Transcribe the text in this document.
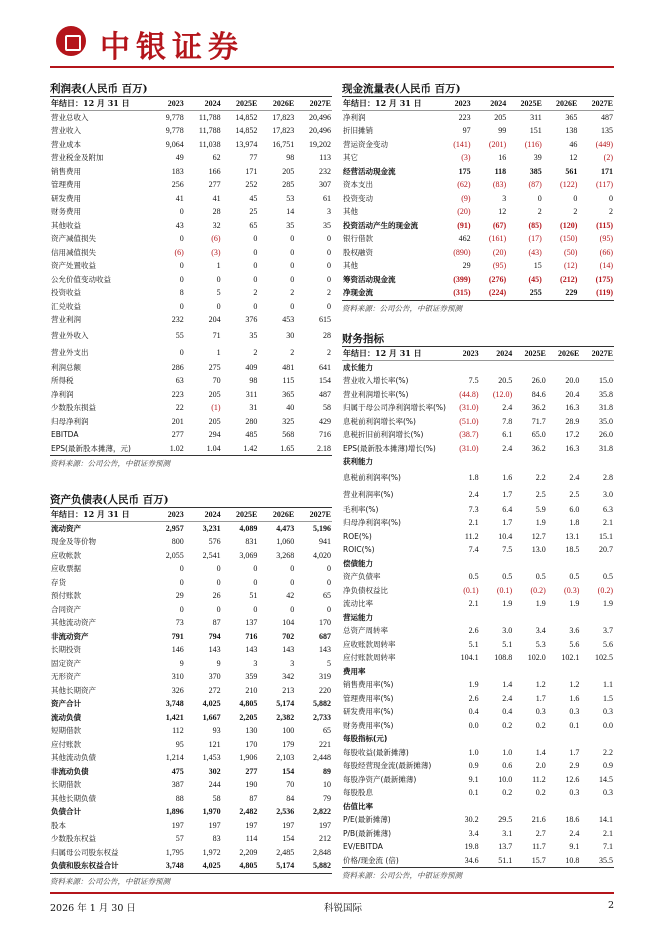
中银证券
利润表(人民币 百万)
年结日：12 月 31 日	2023	2024	2025E	2026E	2027E
营业总收入	9,778	11,788	14,852	17,823	20,496
营业收入	9,778	11,788	14,852	17,823	20,496
营业成本	9,064	11,038	13,974	16,751	19,202
营业税金及附加	49	62	77	98	113
销售费用	183	166	171	205	232
管理费用	256	277	252	285	307
研发费用	41	41	45	53	61
财务费用	0	28	25	14	3
其他收益	43	32	65	35	35
资产减值损失	0	(6)	0	0	0
信用减值损失	(6)	(3)	0	0	0
资产处置收益	0	1	0	0	0
公允价值变动收益	0	0	0	0	0
投资收益	8	5	2	2	2
汇兑收益	0	0	0	0	0
营业利润	232	204	376	453	615
营业外收入	55	71	35	30	28
营业外支出	0	1	2	2	2
利润总额	286	275	409	481	641
所得税	63	70	98	115	154
净利润	223	205	311	365	487
少数股东损益	22	(1)	31	40	58
归母净利润	201	205	280	325	429
EBITDA	277	294	485	568	716
EPS(最新股本摊薄，元)	1.02	1.04	1.42	1.65	2.18
资料来源：公司公告，中银证券预测
资产负债表(人民币 百万)
年结日：12 月 31 日	2023	2024	2025E	2026E	2027E
流动资产	2,957	3,231	4,089	4,473	5,196
现金及等价物	800	576	831	1,060	941
应收帐款	2,055	2,541	3,069	3,268	4,020
应收票据	0	0	0	0	0
存货	0	0	0	0	0
预付账款	29	26	51	42	65
合同资产	0	0	0	0	0
其他流动资产	73	87	137	104	170
非流动资产	791	794	716	702	687
长期投资	146	143	143	143	143
固定资产	9	9	3	3	5
无形资产	310	370	359	342	319
其他长期资产	326	272	210	213	220
资产合计	3,748	4,025	4,805	5,174	5,882
流动负债	1,421	1,667	2,205	2,382	2,733
短期借款	112	93	130	100	65
应付账款	95	121	170	179	221
其他流动负债	1,214	1,453	1,906	2,103	2,448
非流动负债	475	302	277	154	89
长期借款	387	244	190	70	10
其他长期负债	88	58	87	84	79
负债合计	1,896	1,970	2,482	2,536	2,822
股本	197	197	197	197	197
少数股东权益	57	83	114	154	212
归属母公司股东权益	1,795	1,972	2,209	2,485	2,848
负债和股东权益合计	3,748	4,025	4,805	5,174	5,882
资料来源：公司公告，中银证券预测
现金流量表(人民币 百万)
年结日：12 月 31 日	2023	2024	2025E	2026E	2027E
净利润	223	205	311	365	487
折旧摊销	97	99	151	138	135
营运资金变动	(141)	(201)	(116)	46	(449)
其它	(3)	16	39	12	(2)
经营活动现金流	175	118	385	561	171
资本支出	(62)	(83)	(87)	(122)	(117)
投资变动	(9)	3	0	0	0
其他	(20)	12	2	2	2
投资活动产生的现金流	(91)	(67)	(85)	(120)	(115)
银行借款	462	(161)	(17)	(150)	(95)
股权融资	(890)	(20)	(43)	(50)	(66)
其他	29	(95)	15	(12)	(14)
筹资活动现金流	(399)	(276)	(45)	(212)	(175)
净现金流	(315)	(224)	255	229	(119)
资料来源：公司公告，中银证券预测
财务指标
年结日：12 月 31 日	2023	2024	2025E	2026E	2027E
成长能力					
营业收入增长率(%)	7.5	20.5	26.0	20.0	15.0
营业利润增长率(%)	(44.8)	(12.0)	84.6	20.4	35.8
归属于母公司净利润增长率(%)	(31.0)	2.4	36.2	16.3	31.8
息税前利润增长率(%)	(51.0)	7.8	71.7	28.9	35.0
息税折旧前利润增长(%)	(38.7)	6.1	65.0	17.2	26.0
EPS(最新股本摊薄)增长(%)	(31.0)	2.4	36.2	16.3	31.8
获利能力					
息税前利润率(%)	1.8	1.6	2.2	2.4	2.8
营业利润率(%)	2.4	1.7	2.5	2.5	3.0
毛利率(%)	7.3	6.4	5.9	6.0	6.3
归母净利润率(%)	2.1	1.7	1.9	1.8	2.1
ROE(%)	11.2	10.4	12.7	13.1	15.1
ROIC(%)	7.4	7.5	13.0	18.5	20.7
偿债能力					
资产负债率	0.5	0.5	0.5	0.5	0.5
净负债权益比	(0.1)	(0.1)	(0.2)	(0.3)	(0.2)
流动比率	2.1	1.9	1.9	1.9	1.9
营运能力					
总资产周转率	2.6	3.0	3.4	3.6	3.7
应收账款周转率	5.1	5.1	5.3	5.6	5.6
应付账款周转率	104.1	108.8	102.0	102.1	102.5
费用率					
销售费用率(%)	1.9	1.4	1.2	1.2	1.1
管理费用率(%)	2.6	2.4	1.7	1.6	1.5
研发费用率(%)	0.4	0.4	0.3	0.3	0.3
财务费用率(%)	0.0	0.2	0.2	0.1	0.0
每股指标(元)					
每股收益(最新摊薄)	1.0	1.0	1.4	1.7	2.2
每股经营现金流(最新摊薄)	0.9	0.6	2.0	2.9	0.9
每股净资产(最新摊薄)	9.1	10.0	11.2	12.6	14.5
每股股息	0.1	0.2	0.2	0.3	0.3
估值比率					
P/E(最新摊薄)	30.2	29.5	21.6	18.6	14.1
P/B(最新摊薄)	3.4	3.1	2.7	2.4	2.1
EV/EBITDA	19.8	13.7	11.7	9.1	7.1
价格/现金流 (倍)	34.6	51.1	15.7	10.8	35.5
资料来源：公司公告，中银证券预测
2026 年 1 月 30 日	科锐国际	2
